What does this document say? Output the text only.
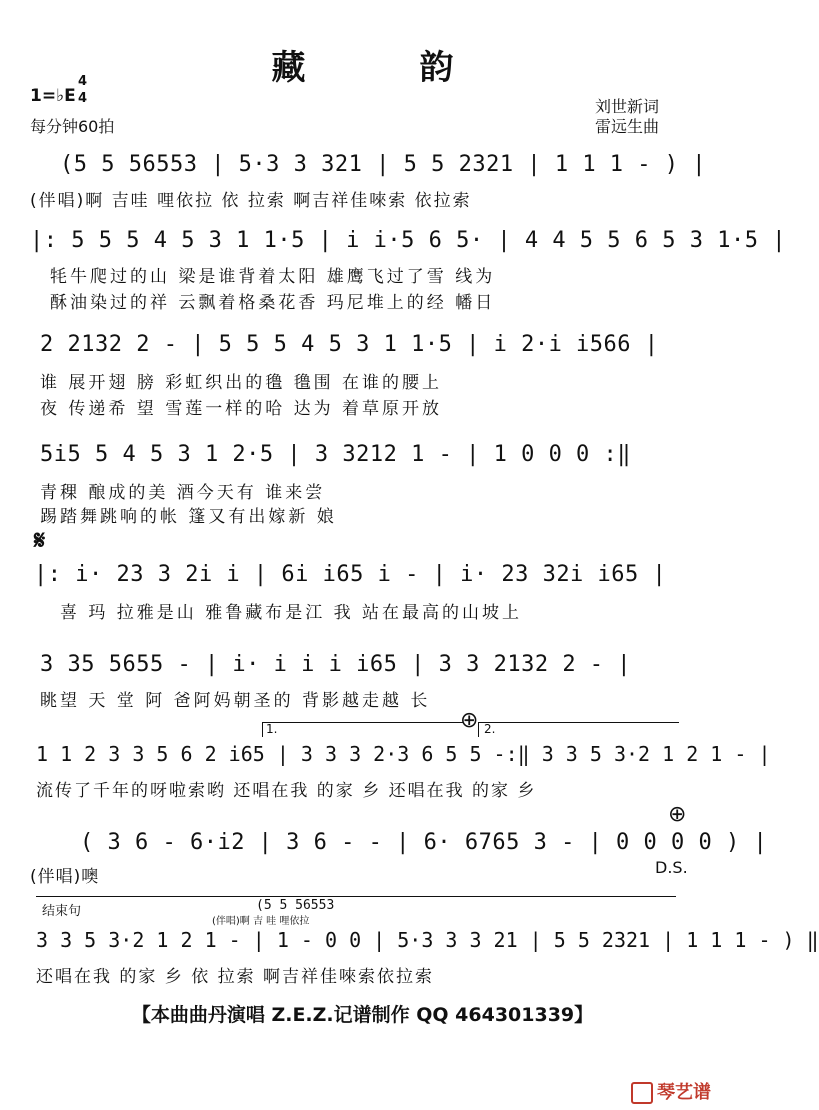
藏　韵
1=♭E
4
4
每分钟60拍
刘世新词
雷远生曲
(5 5 56553 | 5·3 3 321 | 5 5 2321 | 1 1 1 - ) |
(伴唱)啊 吉哇 哩依拉 依 拉索 啊吉祥佳唻索 依拉索
|: 5 5 5 4 5 3 1 1·5 | i i·5 6 5· | 4 4 5 5 6 5 3 1·5 |
牦牛爬过的山 梁是谁背着太阳 雄鹰飞过了雪 线为
酥油染过的祥 云飘着格桑花香 玛尼堆上的经 幡日
2 2132 2 - | 5 5 5 4 5 3 1 1·5 | i 2·i i566 |
谁 展开翅 膀 彩虹织出的氇 氇围 在谁的腰上
夜 传递希 望 雪莲一样的哈 达为 着草原开放
5i5 5 4 5 3 1 2·5 | 3 3212 1 - | 1 0 0 0 :‖
青稞 酿成的美 酒今天有 谁来尝
踢踏舞跳响的帐 篷又有出嫁新 娘
𝄋
|: i· 23 3 2i i | 6i i65 i - | i· 23 32i i65 |
喜 玛 拉雅是山 雅鲁藏布是江 我 站在最高的山坡上
3 35 5655 - | i· i i i i65 | 3 3 2132 2 - |
眺望 天 堂 阿 爸阿妈朝圣的 背影越走越 长
1.	⊕ 2.
1 1 2 3 3 5 6 2 i65 | 3 3 3 2·3 6 5 5 -:‖ 3 3 5 3·2 1 2 1 - |
流传了千年的呀啦索哟 还唱在我 的家 乡 还唱在我 的家 乡
( 3 6 - 6·i2 | 3 6 - - | 6· 6765 3 - | 0 0 0 0 ) |
(伴唱)噢
⊕
D.S.
结束句	(5 5 56553
(伴唱)啊 吉 哇 哩依拉
3 3 5 3·2 1 2 1 - | 1 - 0 0 | 5·3 3 3 21 | 5 5 2321 | 1 1 1 - ) ‖
还唱在我 的家 乡 依 拉索 啊吉祥佳唻索依拉索
【本曲曲丹演唱 Z.E.Z.记谱制作 QQ 464301339】
琴艺谱
